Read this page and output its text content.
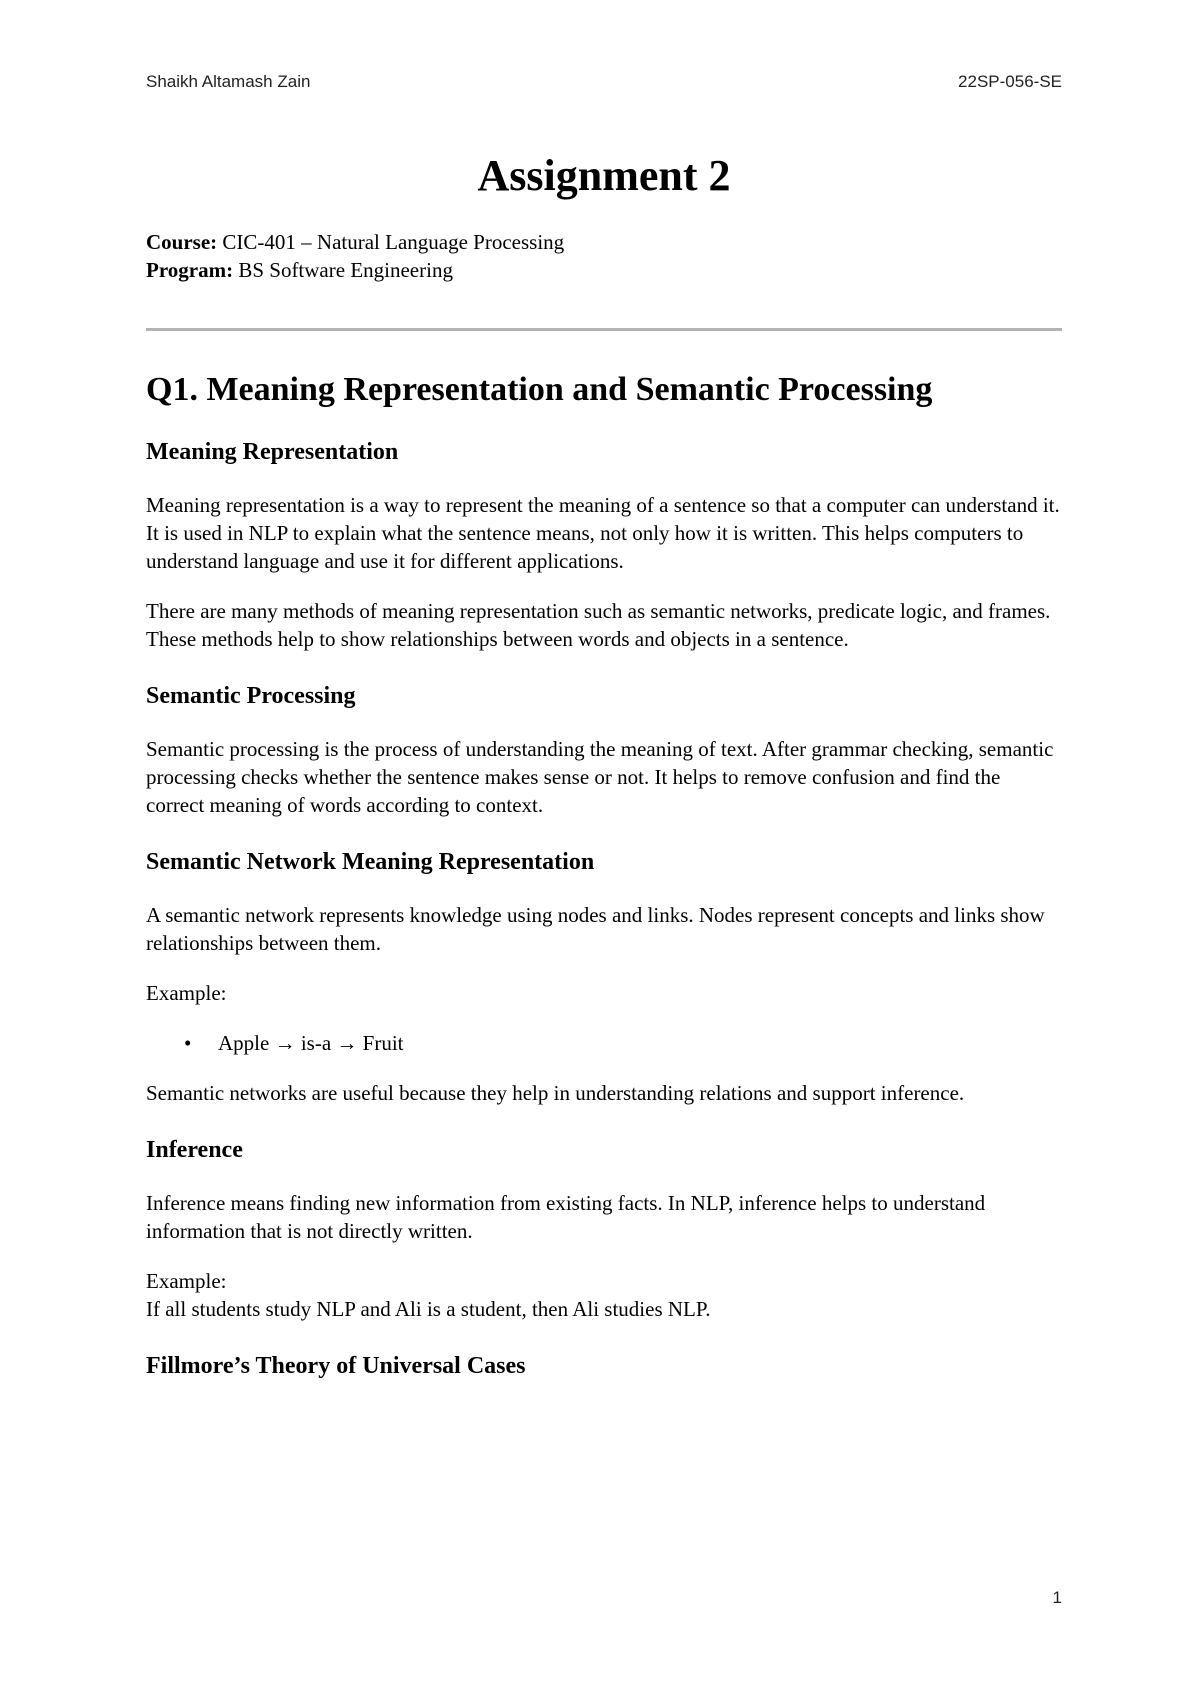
Shaikh Altamash Zain	22SP-056-SE
Assignment 2

Course: CIC-401 – Natural Language Processing

Program: BS Software Engineering

Q1. Meaning Representation and Semantic Processing
Meaning Representation

Meaning representation is a way to represent the meaning of a sentence so that a computer can understand it. It is used in NLP to explain what the sentence means, not only how it is written. This helps computers to understand language and use it for different applications.

There are many methods of meaning representation such as semantic networks, predicate logic, and frames. These methods help to show relationships between words and objects in a sentence.

Semantic Processing

Semantic processing is the process of understanding the meaning of text. After grammar checking, semantic processing checks whether the sentence makes sense or not. It helps to remove confusion and find the correct meaning of words according to context.

Semantic Network Meaning Representation

A semantic network represents knowledge using nodes and links. Nodes represent concepts and links show relationships between them.

Example:

• Apple → is-a → Fruit

Semantic networks are useful because they help in understanding relations and support inference.

Inference

Inference means finding new information from existing facts. In NLP, inference helps to understand information that is not directly written.

Example:

If all students study NLP and Ali is a student, then Ali studies NLP.

Fillmore’s Theory of Universal Cases
1
